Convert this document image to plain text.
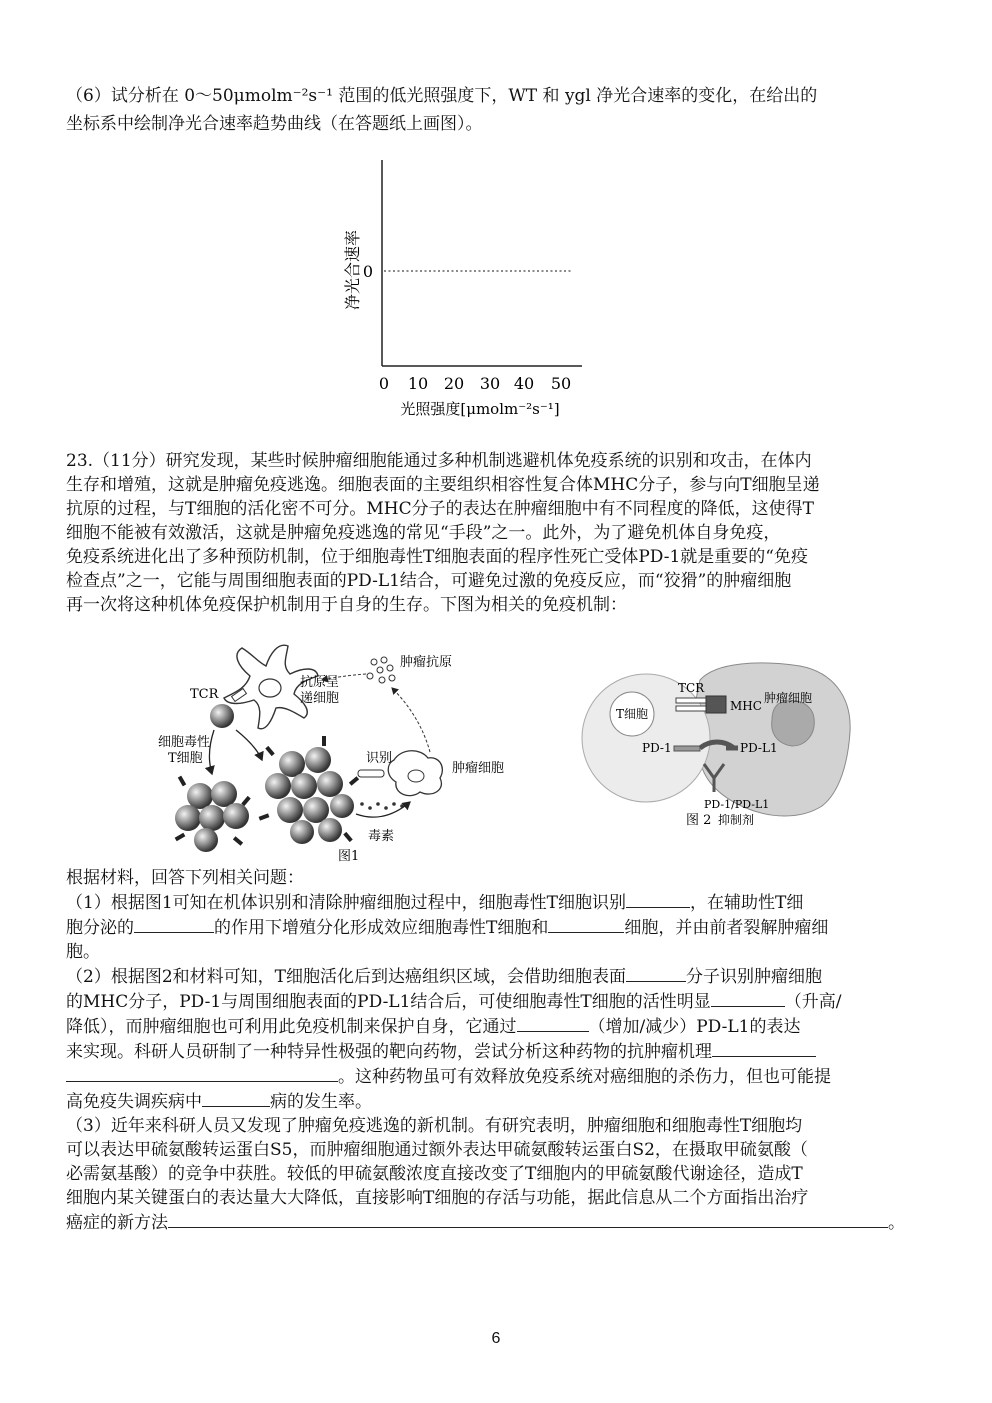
（6）试分析在 0～50μmolm⁻²s⁻¹ 范围的低光照强度下，WT 和 ygl 净光合速率的变化，在给出的
坐标系中绘制净光合速率趋势曲线（在答题纸上画图）。
0
净光合速率
0 10 20 30 40 50
光照强度[μmolm⁻²s⁻¹]
23.（11分）研究发现，某些时候肿瘤细胞能通过多种机制逃避机体免疫系统的识别和攻击，在体内
生存和增殖，这就是肿瘤免疫逃逸。细胞表面的主要组织相容性复合体MHC分子，参与向T细胞呈递
抗原的过程，与T细胞的活化密不可分。MHC分子的表达在肿瘤细胞中有不同程度的降低，这使得T
细胞不能被有效激活，这就是肿瘤免疫逃逸的常见“手段”之一。此外，为了避免机体自身免疫，
免疫系统进化出了多种预防机制，位于细胞毒性T细胞表面的程序性死亡受体PD-1就是重要的“免疫
检查点”之一，它能与周围细胞表面的PD-L1结合，可避免过激的免疫反应，而“狡猾”的肿瘤细胞
再一次将这种机体免疫保护机制用于自身的生存。下图为相关的免疫机制：
抗原呈
递细胞
肿瘤抗原
TCR
细胞毒性
T细胞	识别
肿瘤细胞
毒素
图1
肿瘤细胞
T细胞
TCR
MHC
PD-1	PD-L1
PD-1/PD-L1
图 2 抑制剂
根据材料，回答下列相关问题：
（1）根据图1可知在机体识别和清除肿瘤细胞过程中，细胞毒性T细胞识别	，在辅助性T细
胞分泌的	的作用下增殖分化形成效应细胞毒性T细胞和	细胞，并由前者裂解肿瘤细
胞。
（2）根据图2和材料可知，T细胞活化后到达癌组织区域，会借助细胞表面	分子识别肿瘤细胞
的MHC分子，PD-1与周围细胞表面的PD-L1结合后，可使细胞毒性T细胞的活性明显	（升高/
降低），而肿瘤细胞也可利用此免疫机制来保护自身，它通过	（增加/减少）PD-L1的表达
来实现。科研人员研制了一种特异性极强的靶向药物，尝试分析这种药物的抗肿瘤机理
。这种药物虽可有效释放免疫系统对癌细胞的杀伤力，但也可能提
高免疫失调疾病中	病的发生率。
（3）近年来科研人员又发现了肿瘤免疫逃逸的新机制。有研究表明，肿瘤细胞和细胞毒性T细胞均
可以表达甲硫氨酸转运蛋白S5，而肿瘤细胞通过额外表达甲硫氨酸转运蛋白S2，在摄取甲硫氨酸（
必需氨基酸）的竞争中获胜。较低的甲硫氨酸浓度直接改变了T细胞内的甲硫氨酸代谢途径，造成T
细胞内某关键蛋白的表达量大大降低，直接影响T细胞的存活与功能，据此信息从二个方面指出治疗
癌症的新方法	。
6
